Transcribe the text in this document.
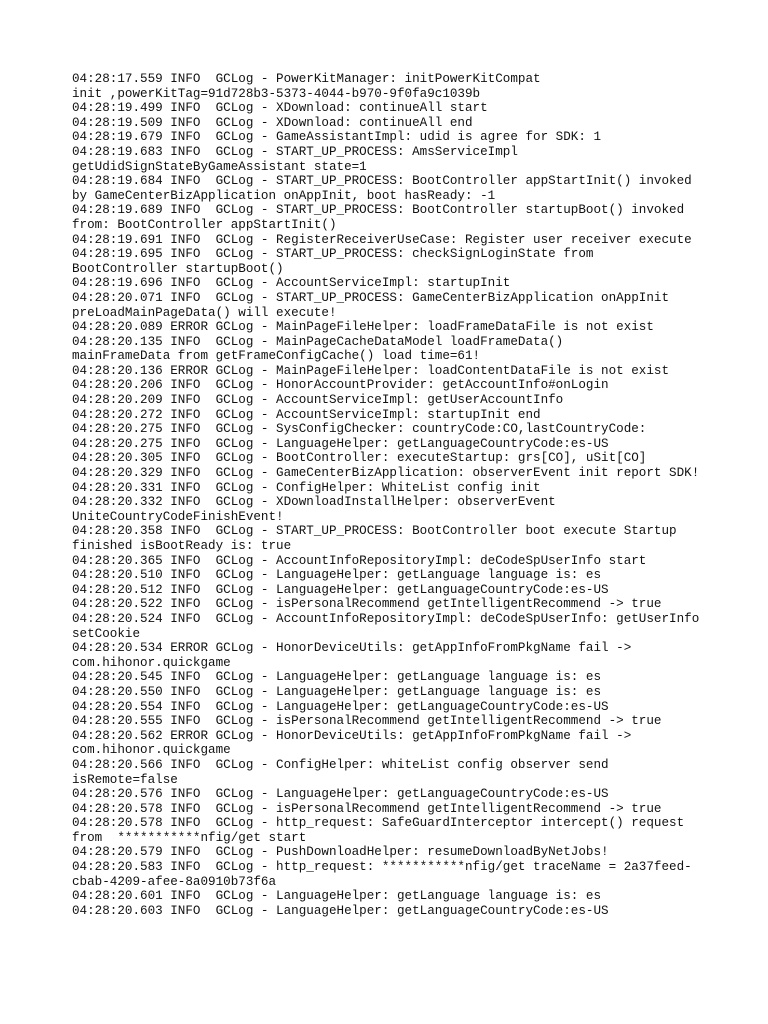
04:28:17.559 INFO  GCLog - PowerKitManager: initPowerKitCompat
init ,powerKitTag=91d728b3-5373-4044-b970-9f0fa9c1039b
04:28:19.499 INFO  GCLog - XDownload: continueAll start
04:28:19.509 INFO  GCLog - XDownload: continueAll end
04:28:19.679 INFO  GCLog - GameAssistantImpl: udid is agree for SDK: 1
04:28:19.683 INFO  GCLog - START_UP_PROCESS: AmsServiceImpl
getUdidSignStateByGameAssistant state=1
04:28:19.684 INFO  GCLog - START_UP_PROCESS: BootController appStartInit() invoked
by GameCenterBizApplication onAppInit, boot hasReady: -1
04:28:19.689 INFO  GCLog - START_UP_PROCESS: BootController startupBoot() invoked
from: BootController appStartInit()
04:28:19.691 INFO  GCLog - RegisterReceiverUseCase: Register user receiver execute
04:28:19.695 INFO  GCLog - START_UP_PROCESS: checkSignLoginState from
BootController startupBoot()
04:28:19.696 INFO  GCLog - AccountServiceImpl: startupInit
04:28:20.071 INFO  GCLog - START_UP_PROCESS: GameCenterBizApplication onAppInit
preLoadMainPageData() will execute!
04:28:20.089 ERROR GCLog - MainPageFileHelper: loadFrameDataFile is not exist
04:28:20.135 INFO  GCLog - MainPageCacheDataModel loadFrameData()
mainFrameData from getFrameConfigCache() load time=61!
04:28:20.136 ERROR GCLog - MainPageFileHelper: loadContentDataFile is not exist
04:28:20.206 INFO  GCLog - HonorAccountProvider: getAccountInfo#onLogin
04:28:20.209 INFO  GCLog - AccountServiceImpl: getUserAccountInfo
04:28:20.272 INFO  GCLog - AccountServiceImpl: startupInit end
04:28:20.275 INFO  GCLog - SysConfigChecker: countryCode:CO,lastCountryCode:
04:28:20.275 INFO  GCLog - LanguageHelper: getLanguageCountryCode:es-US
04:28:20.305 INFO  GCLog - BootController: executeStartup: grs[CO], uSit[CO]
04:28:20.329 INFO  GCLog - GameCenterBizApplication: observerEvent init report SDK!
04:28:20.331 INFO  GCLog - ConfigHelper: WhiteList config init
04:28:20.332 INFO  GCLog - XDownloadInstallHelper: observerEvent
UniteCountryCodeFinishEvent!
04:28:20.358 INFO  GCLog - START_UP_PROCESS: BootController boot execute Startup
finished isBootReady is: true
04:28:20.365 INFO  GCLog - AccountInfoRepositoryImpl: deCodeSpUserInfo start
04:28:20.510 INFO  GCLog - LanguageHelper: getLanguage language is: es
04:28:20.512 INFO  GCLog - LanguageHelper: getLanguageCountryCode:es-US
04:28:20.522 INFO  GCLog - isPersonalRecommend getIntelligentRecommend -> true
04:28:20.524 INFO  GCLog - AccountInfoRepositoryImpl: deCodeSpUserInfo: getUserInfo
setCookie
04:28:20.534 ERROR GCLog - HonorDeviceUtils: getAppInfoFromPkgName fail ->
com.hihonor.quickgame
04:28:20.545 INFO  GCLog - LanguageHelper: getLanguage language is: es
04:28:20.550 INFO  GCLog - LanguageHelper: getLanguage language is: es
04:28:20.554 INFO  GCLog - LanguageHelper: getLanguageCountryCode:es-US
04:28:20.555 INFO  GCLog - isPersonalRecommend getIntelligentRecommend -> true
04:28:20.562 ERROR GCLog - HonorDeviceUtils: getAppInfoFromPkgName fail ->
com.hihonor.quickgame
04:28:20.566 INFO  GCLog - ConfigHelper: whiteList config observer send
isRemote=false
04:28:20.576 INFO  GCLog - LanguageHelper: getLanguageCountryCode:es-US
04:28:20.578 INFO  GCLog - isPersonalRecommend getIntelligentRecommend -> true
04:28:20.578 INFO  GCLog - http_request: SafeGuardInterceptor intercept() request
from  ***********nfig/get start
04:28:20.579 INFO  GCLog - PushDownloadHelper: resumeDownloadByNetJobs!
04:28:20.583 INFO  GCLog - http_request: ***********nfig/get traceName = 2a37feed-
cbab-4209-afee-8a0910b73f6a
04:28:20.601 INFO  GCLog - LanguageHelper: getLanguage language is: es
04:28:20.603 INFO  GCLog - LanguageHelper: getLanguageCountryCode:es-US
